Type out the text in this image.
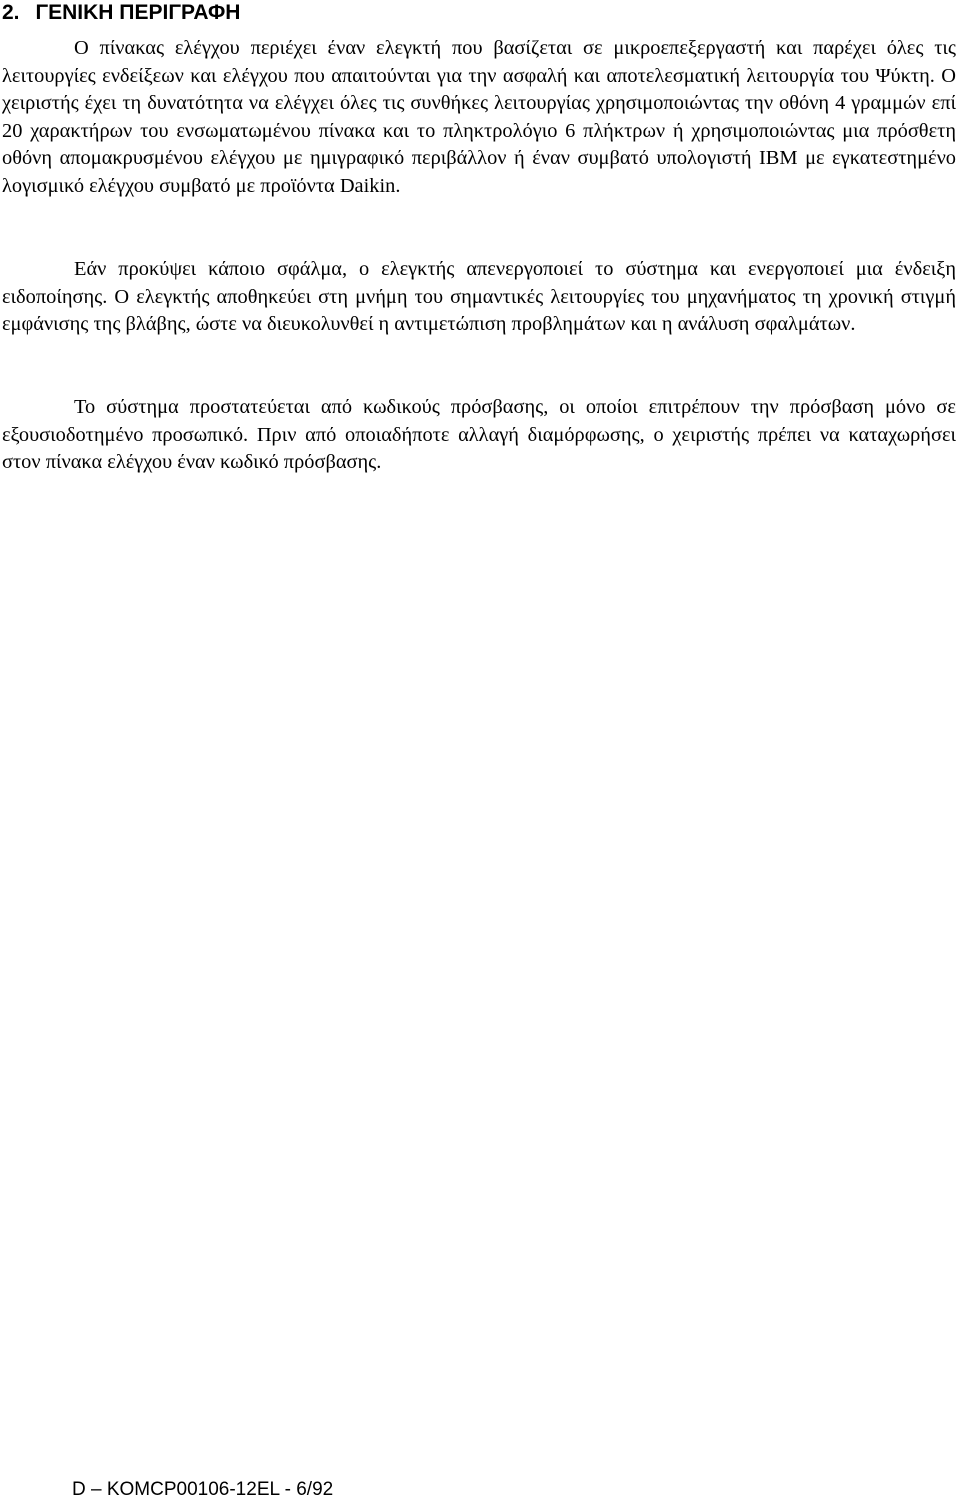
2. ΓΕΝΙΚΗ ΠΕΡΙΓΡΑΦΗ

Ο πίνακας ελέγχου περιέχει έναν ελεγκτή που βασίζεται σε μικροεπεξεργαστή και παρέχει όλες τις λειτουργίες ενδείξεων και ελέγχου που απαιτούνται για την ασφαλή και αποτελεσματική λειτουργία του Ψύκτη. Ο χειριστής έχει τη δυνατότητα να ελέγχει όλες τις συνθήκες λειτουργίας χρησιμοποιώντας την οθόνη 4 γραμμών επί 20 χαρακτήρων του ενσωματωμένου πίνακα και το πληκτρολόγιο 6 πλήκτρων ή χρησιμοποιώντας μια πρόσθετη οθόνη απομακρυσμένου ελέγχου με ημιγραφικό περιβάλλον ή έναν συμβατό υπολογιστή IBM με εγκατεστημένο λογισμικό ελέγχου συμβατό με προϊόντα Daikin.

Εάν προκύψει κάποιο σφάλμα, ο ελεγκτής απενεργοποιεί το σύστημα και ενεργοποιεί μια ένδειξη ειδοποίησης. Ο ελεγκτής αποθηκεύει στη μνήμη του σημαντικές λειτουργίες του μηχανήματος τη χρονική στιγμή εμφάνισης της βλάβης, ώστε να διευκολυνθεί η αντιμετώπιση προβλημάτων και η ανάλυση σφαλμάτων.

Το σύστημα προστατεύεται από κωδικούς πρόσβασης, οι οποίοι επιτρέπουν την πρόσβαση μόνο σε εξουσιοδοτημένο προσωπικό. Πριν από οποιαδήποτε αλλαγή διαμόρφωσης, ο χειριστής πρέπει να καταχωρήσει στον πίνακα ελέγχου έναν κωδικό πρόσβασης.

D – KOMCP00106-12EL - 6/92
